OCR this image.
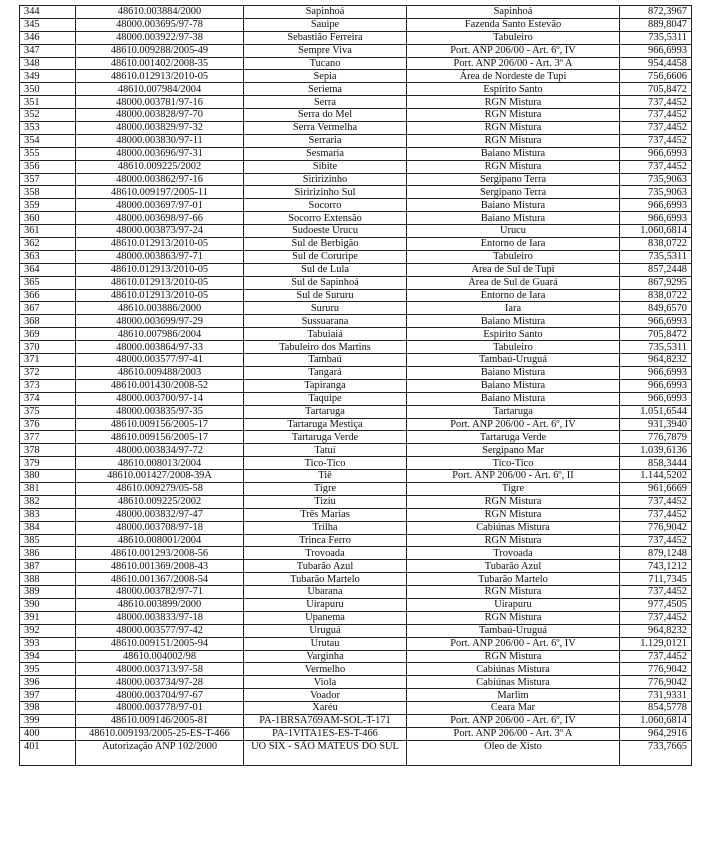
344	48610.003884/2000	Sapinhoá	Sapinhoá	872,3967
345	48000.003695/97-78	Sauipe	Fazenda Santo Estevão	889,8047
346	48000.003922/97-38	Sebastião Ferreira	Tabuleiro	735,5311
347	48610.009288/2005-49	Sempre Viva	Port. ANP 206/00 - Art. 6º, IV	966,6993
348	48610.001402/2008-35	Tucano	Port. ANP 206/00 - Art. 3º A	954,4458
349	48610.012913/2010-05	Sepia	Área de Nordeste de Tupi	756,6606
350	48610.007984/2004	Seriema	Espírito Santo	705,8472
351	48000.003781/97-16	Serra	RGN Mistura	737,4452
352	48000.003828/97-70	Serra do Mel	RGN Mistura	737,4452
353	48000.003829/97-32	Serra Vermelha	RGN Mistura	737,4452
354	48000.003830/97-11	Serraria	RGN Mistura	737,4452
355	48000.003696/97-31	Sesmaria	Baiano Mistura	966,6993
356	48610.009225/2002	Sibite	RGN Mistura	737,4452
357	48000.003862/97-16	Siririzinho	Sergipano Terra	735,9063
358	48610.009197/2005-11	Siririzinho Sul	Sergipano Terra	735,9063
359	48000.003697/97-01	Socorro	Baiano Mistura	966,6993
360	48000.003698/97-66	Socorro Extensão	Baiano Mistura	966,6993
361	48000.003873/97-24	Sudoeste Urucu	Urucu	1.060,6814
362	48610.012913/2010-05	Sul de Berbigão	Entorno de Iara	838,0722
363	48000.003863/97-71	Sul de Coruripe	Tabuleiro	735,5311
364	48610.012913/2010-05	Sul de Lula	Área de Sul de Tupi	857,2448
365	48610.012913/2010-05	Sul de Sapinhoá	Área de Sul de Guará	867,9295
366	48610.012913/2010-05	Sul de Sururu	Entorno de Iara	838,0722
367	48610.003886/2000	Sururu	Iara	849,6570
368	48000.003699/97-29	Sussuarana	Baiano Mistura	966,6993
369	48610.007986/2004	Tabuiaiá	Espírito Santo	705,8472
370	48000.003864/97-33	Tabuleiro dos Martins	Tabuleiro	735,5311
371	48000.003577/97-41	Tambaú	Tambaú-Uruguá	964,8232
372	48610.009488/2003	Tangará	Baiano Mistura	966,6993
373	48610.001430/2008-52	Tapiranga	Baiano Mistura	966,6993
374	48000.003700/97-14	Taquipe	Baiano Mistura	966,6993
375	48000.003835/97-35	Tartaruga	Tartaruga	1.051,6544
376	48610.009156/2005-17	Tartaruga Mestiça	Port. ANP 206/00 - Art. 6º, IV	931,3940
377	48610.009156/2005-17	Tartaruga Verde	Tartaruga Verde	776,7879
378	48000.003834/97-72	Tatuí	Sergipano Mar	1.039,6136
379	48610.008013/2004	Tico-Tico	Tico-Tico	858,3444
380	48610.001427/2008-39A	Tiê	Port. ANP 206/00 - Art. 6º, II	1.144,5202
381	48610.009279/05-58	Tigre	Tigre	961,6669
382	48610.009225/2002	Tiziu	RGN Mistura	737,4452
383	48000.003832/97-47	Três Marias	RGN Mistura	737,4452
384	48000.003708/97-18	Trilha	Cabiúnas Mistura	776,9042
385	48610.008001/2004	Trinca Ferro	RGN Mistura	737,4452
386	48610.001293/2008-56	Trovoada	Trovoada	879,1248
387	48610.001369/2008-43	Tubarão Azul	Tubarão Azul	743,1212
388	48610.001367/2008-54	Tubarão Martelo	Tubarão Martelo	711,7345
389	48000.003782/97-71	Ubarana	RGN Mistura	737,4452
390	48610.003899/2000	Uirapuru	Uirapuru	977,4505
391	48000.003833/97-18	Upanema	RGN Mistura	737,4452
392	48000.003577/97-42	Uruguá	Tambaú-Uruguá	964,8232
393	48610.009151/2005-94	Urutau	Port. ANP 206/00 - Art. 6º, IV	1.129,0121
394	48610.004002/98	Varginha	RGN Mistura	737,4452
395	48000.003713/97-58	Vermelho	Cabiúnas Mistura	776,9042
396	48000.003734/97-28	Viola	Cabiúnas Mistura	776,9042
397	48000.003704/97-67	Voador	Marlim	731,9331
398	48000.003778/97-01	Xaréu	Ceara Mar	854,5778
399	48610.009146/2005-81	PA-1BRSA769AM-SOL-T-171	Port. ANP 206/00 - Art. 6º, IV	1.060,6814
400	48610.009193/2005-25-ES-T-466	PA-1VITA1ES-ES-T-466	Port. ANP 206/00 - Art. 3º A	964,2916
401	Autorização ANP 102/2000	UO SIX - SÃO MATEUS DO SUL	Óleo de Xisto	733,7665
